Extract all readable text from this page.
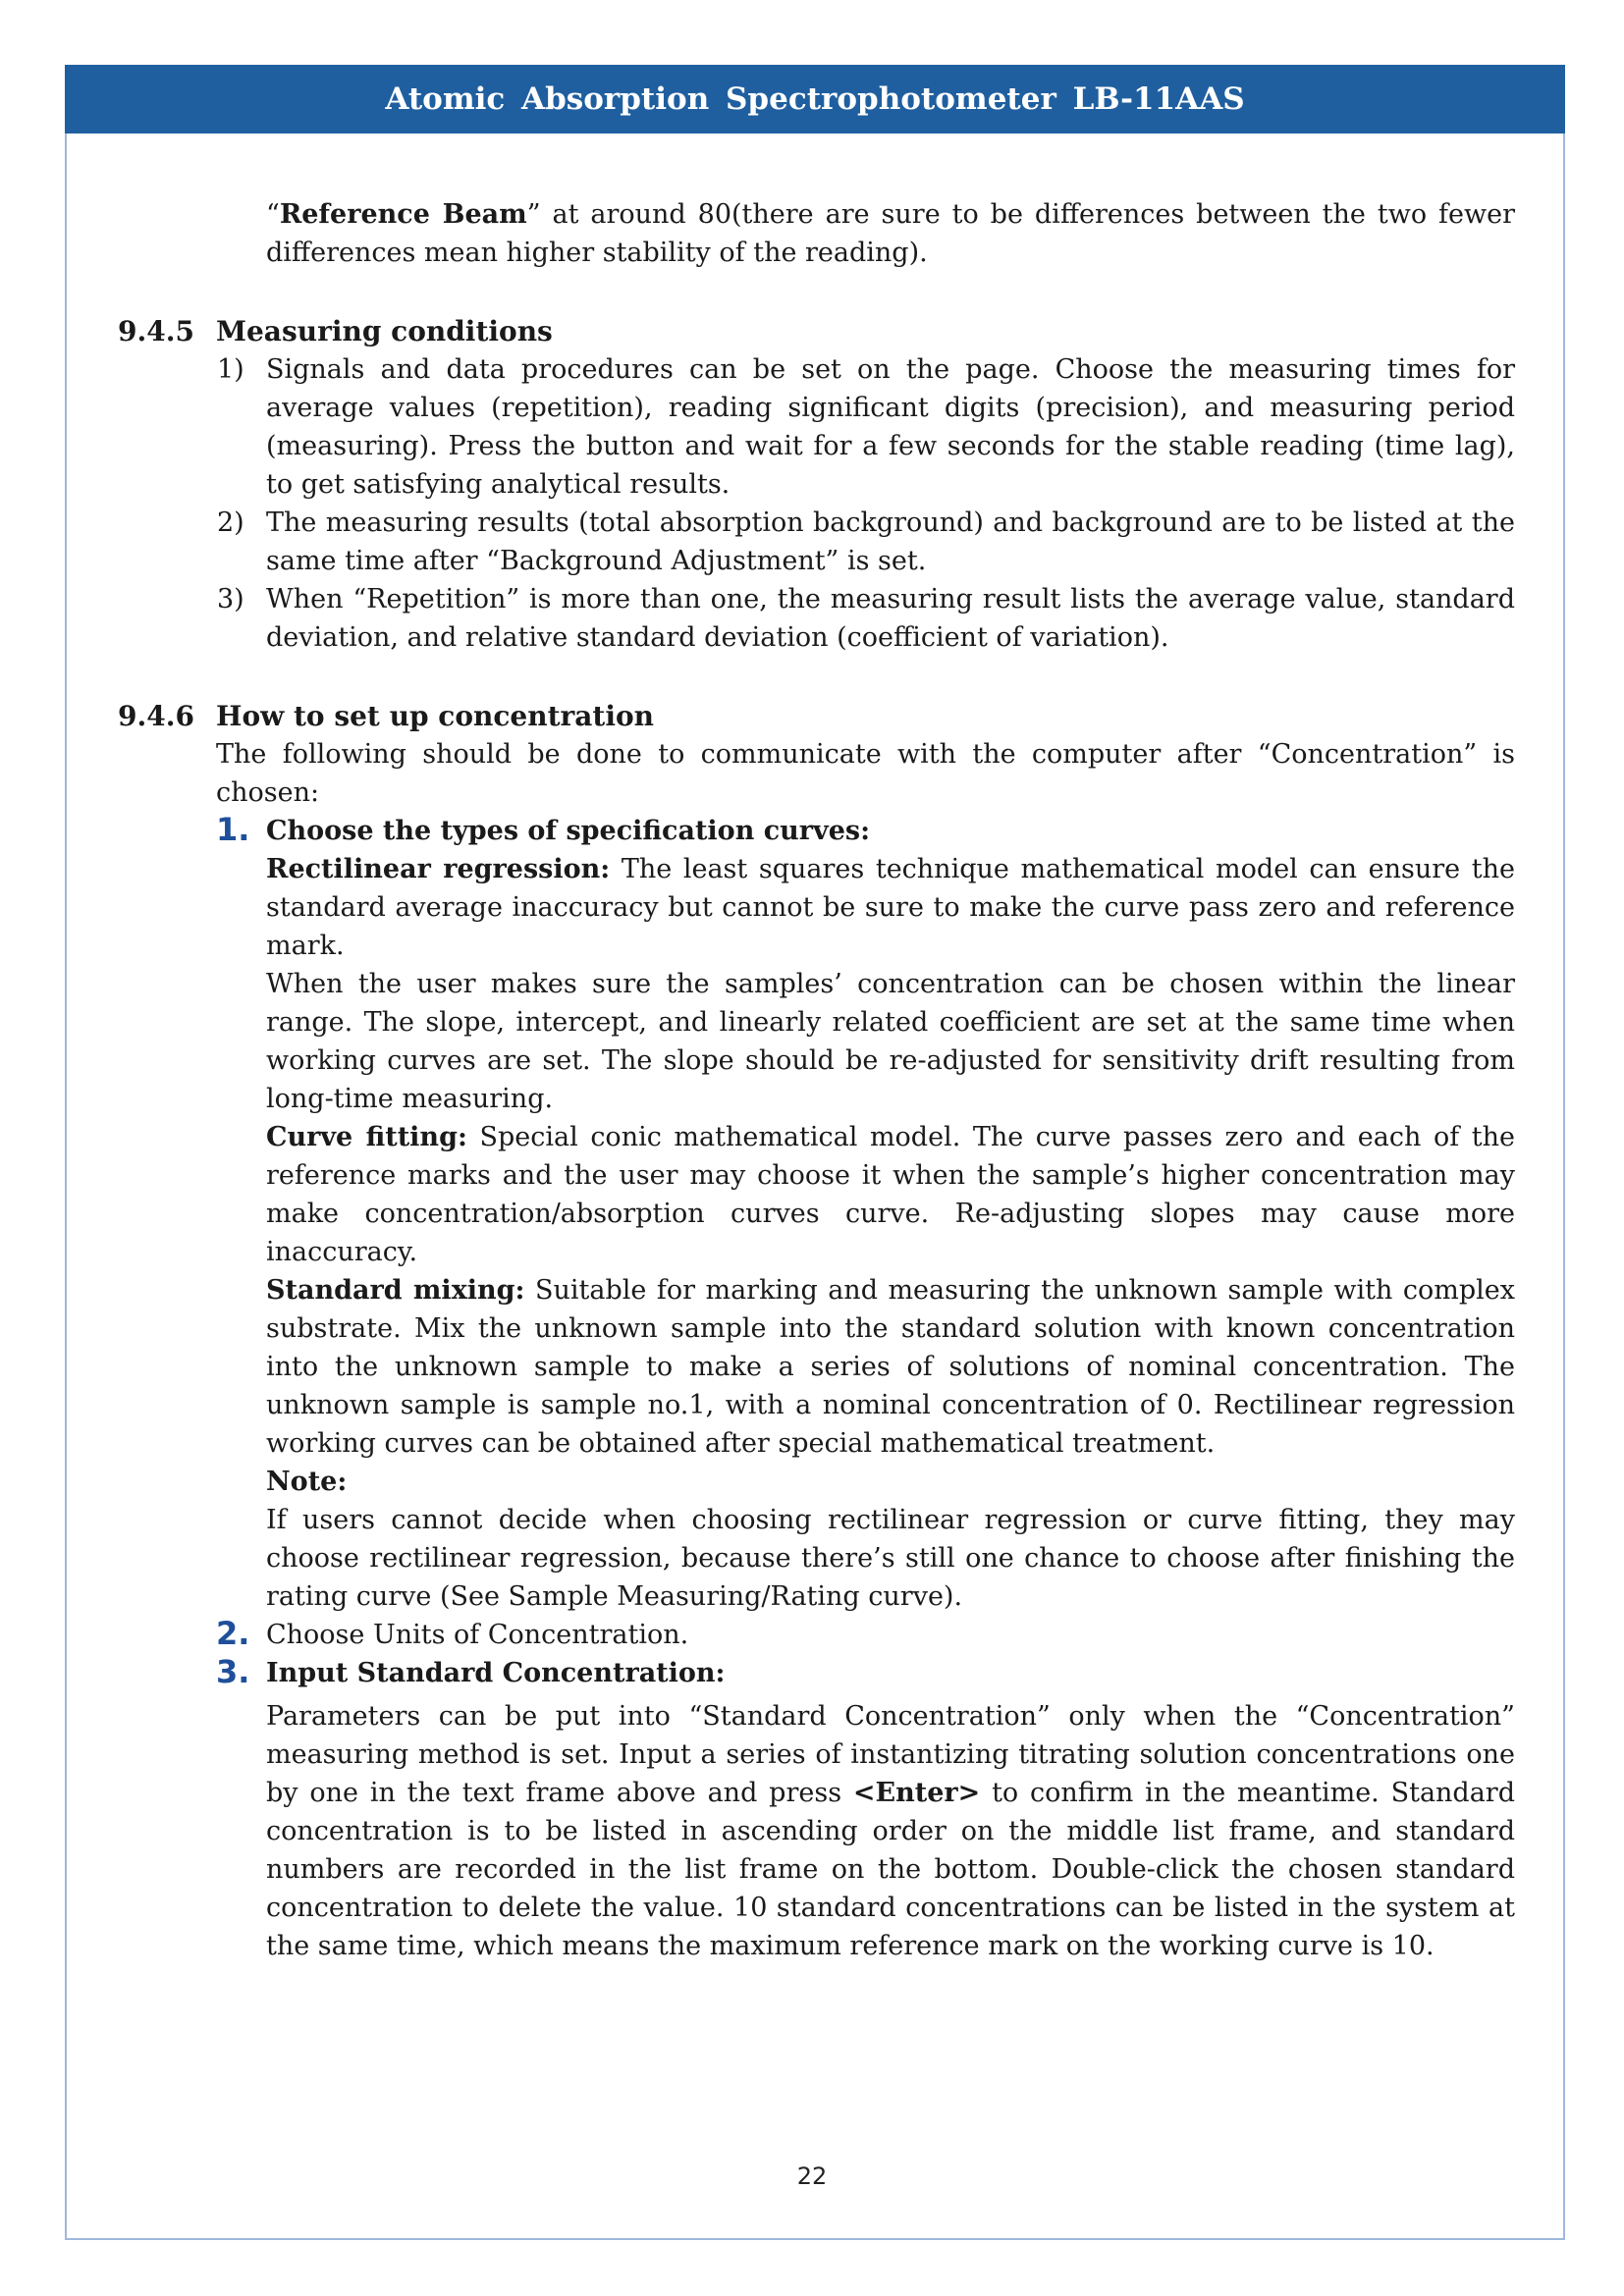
Atomic Absorption Spectrophotometer LB-11AAS

“Reference Beam” at around 80(there are sure to be differences between the two fewer differences mean higher stability of the reading).

9.4.5 Measuring conditions
1) Signals and data procedures can be set on the page. Choose the measuring times for average values (repetition), reading significant digits (precision), and measuring period (measuring). Press the button and wait for a few seconds for the stable reading (time lag), to get satisfying analytical results.

2) The measuring results (total absorption background) and background are to be listed at the same time after “Background Adjustment” is set.

3) When “Repetition” is more than one, the measuring result lists the average value, standard deviation, and relative standard deviation (coefficient of variation).

9.4.6 How to set up concentration

The following should be done to communicate with the computer after “Concentration” is chosen:

1. Choose the types of specification curves:

Rectilinear regression: The least squares technique mathematical model can ensure the standard average inaccuracy but cannot be sure to make the curve pass zero and reference mark.

When the user makes sure the samples’ concentration can be chosen within the linear range. The slope, intercept, and linearly related coefficient are set at the same time when working curves are set. The slope should be re-adjusted for sensitivity drift resulting from long-time measuring.

Curve fitting: Special conic mathematical model. The curve passes zero and each of the reference marks and the user may choose it when the sample’s higher concentration may make concentration/absorption curves curve. Re-adjusting slopes may cause more inaccuracy.

Standard mixing: Suitable for marking and measuring the unknown sample with complex substrate. Mix the unknown sample into the standard solution with known concentration into the unknown sample to make a series of solutions of nominal concentration. The unknown sample is sample no.1, with a nominal concentration of 0. Rectilinear regression working curves can be obtained after special mathematical treatment.

Note:

If users cannot decide when choosing rectilinear regression or curve fitting, they may choose rectilinear regression, because there’s still one chance to choose after finishing the rating curve (See Sample Measuring/Rating curve).

2. Choose Units of Concentration.

3. Input Standard Concentration:

Parameters can be put into “Standard Concentration” only when the “Concentration” measuring method is set. Input a series of instantizing titrating solution concentrations one by one in the text frame above and press <Enter> to confirm in the meantime. Standard concentration is to be listed in ascending order on the middle list frame, and standard numbers are recorded in the list frame on the bottom. Double-click the chosen standard concentration to delete the value. 10 standard concentrations can be listed in the system at the same time, which means the maximum reference mark on the working curve is 10.

22
